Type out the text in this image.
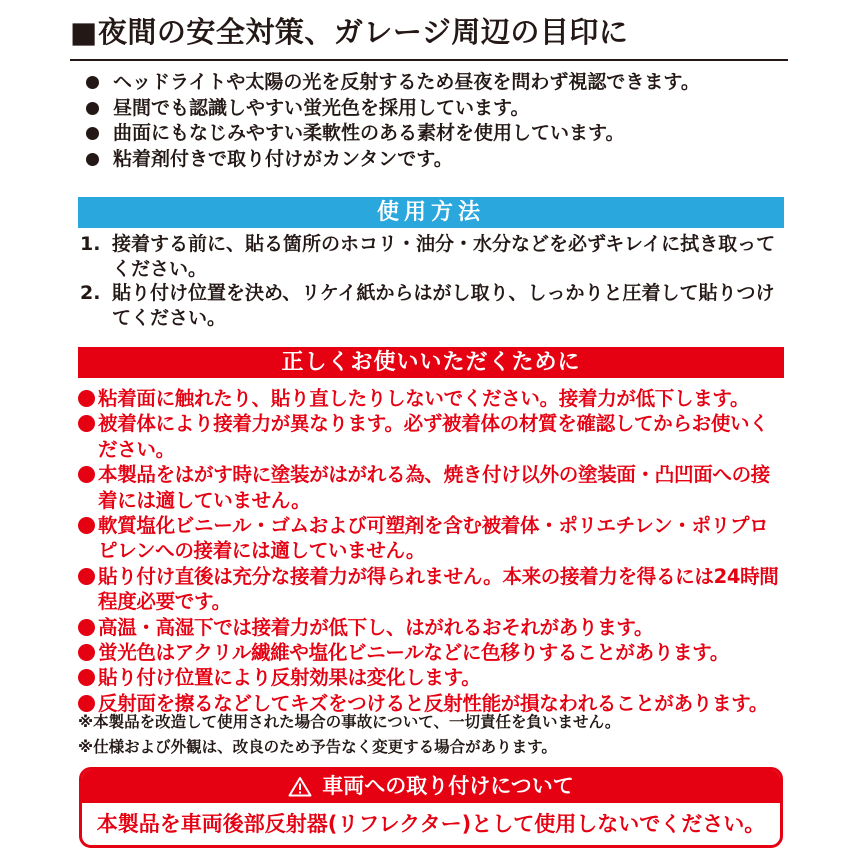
■夜間の安全対策、ガレージ周辺の目印に
ヘッドライトや太陽の光を反射するため昼夜を問わず視認できます。
昼間でも認識しやすい蛍光色を採用しています。
曲面にもなじみやすい柔軟性のある素材を使用しています。
粘着剤付きで取り付けがカンタンです。
使用方法
1. 接着する前に、貼る箇所のホコリ・油分・水分などを必ずキレイに拭き取ってください。
2. 貼り付け位置を決め、リケイ紙からはがし取り、しっかりと圧着して貼りつけてください。
正しくお使いいただくために
粘着面に触れたり、貼り直したりしないでください。接着力が低下します。
被着体により接着力が異なります。必ず被着体の材質を確認してからお使いください。
本製品をはがす時に塗装がはがれる為、焼き付け以外の塗装面・凸凹面への接着には適していません。
軟質塩化ビニール・ゴムおよび可塑剤を含む被着体・ポリエチレン・ポリプロピレンへの接着には適していません。
貼り付け直後は充分な接着力が得られません。本来の接着力を得るには24時間程度必要です。
高温・高湿下では接着力が低下し、はがれるおそれがあります。
蛍光色はアクリル繊維や塩化ビニールなどに色移りすることがあります。
貼り付け位置により反射効果は変化します。
反射面を擦るなどしてキズをつけると反射性能が損なわれることがあります。
※本製品を改造して使用された場合の事故について、一切責任を負いません。
※仕様および外観は、改良のため予告なく変更する場合があります。
車両への取り付けについて
本製品を車両後部反射器(リフレクター)として使用しないでください。
